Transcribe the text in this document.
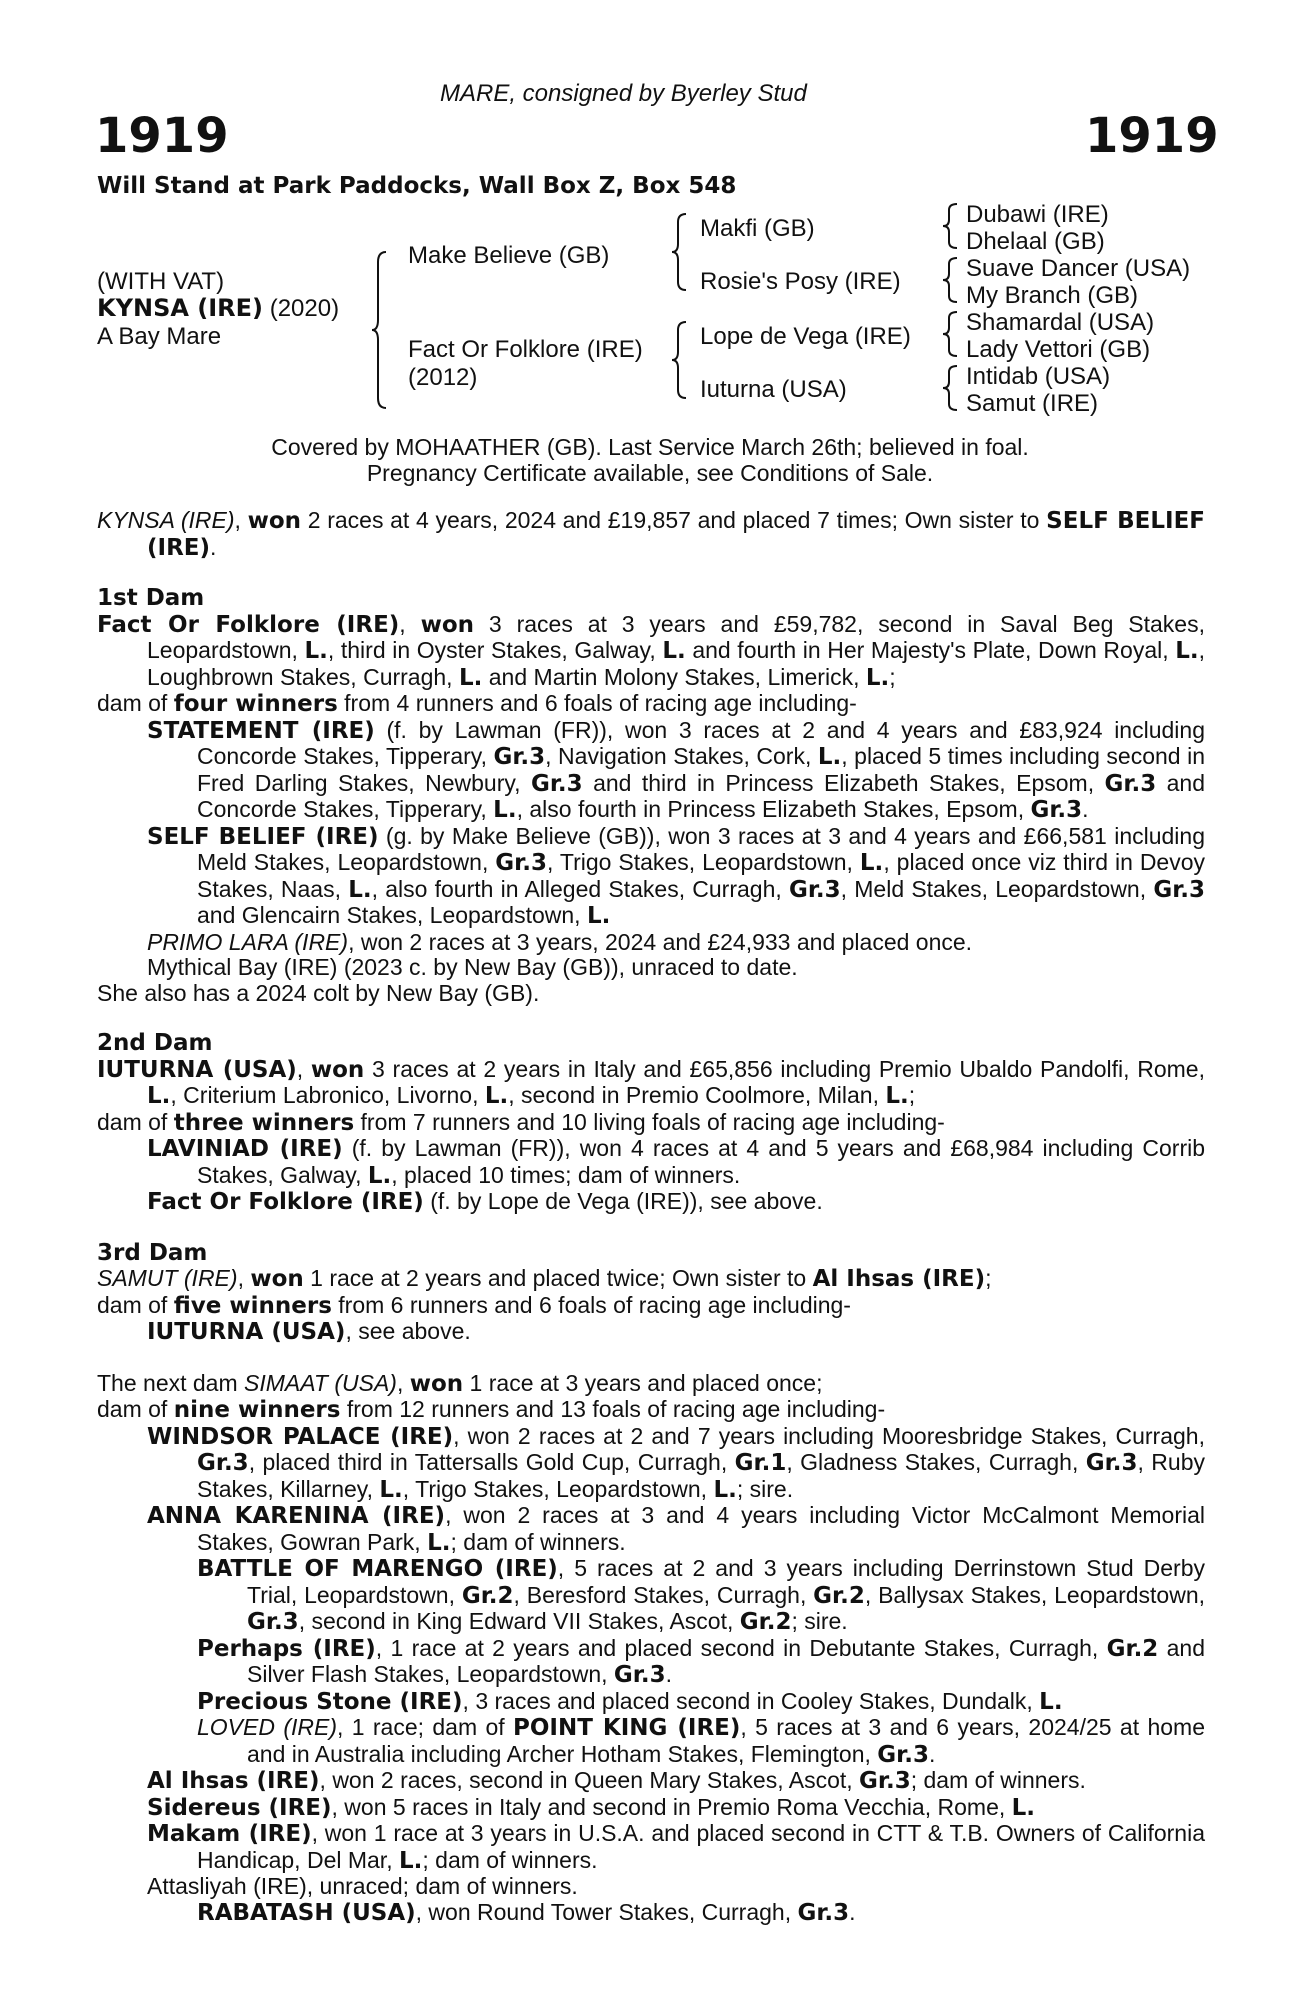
MARE, consigned by Byerley Stud
1919	1919
Will Stand at Park Paddocks, Wall Box Z, Box 548
(WITH VAT)
KYNSA (IRE) (2020)
A Bay Mare
Make Believe (GB)
Fact Or Folklore (IRE)
(2012)
Makfi (GB)
Rosie's Posy (IRE)
Lope de Vega (IRE)
Iuturna (USA)
Dubawi (IRE)
Dhelaal (GB)
Suave Dancer (USA)
My Branch (GB)
Shamardal (USA)
Lady Vettori (GB)
Intidab (USA)
Samut (IRE)
Covered by MOHAATHER (GB). Last Service March 26th; believed in foal.
Pregnancy Certificate available, see Conditions of Sale.

KYNSA (IRE), won 2 races at 4 years, 2024 and £19,857 and placed 7 times; Own sister to SELF BELIEF (IRE).

1st Dam

Fact Or Folklore (IRE), won 3 races at 3 years and £59,782, second in Saval Beg Stakes, Leopardstown, L., third in Oyster Stakes, Galway, L. and fourth in Her Majesty's Plate, Down Royal, L., Loughbrown Stakes, Curragh, L. and Martin Molony Stakes, Limerick, L.;

dam of four winners from 4 runners and 6 foals of racing age including-

STATEMENT (IRE) (f. by Lawman (FR)), won 3 races at 2 and 4 years and £83,924 including Concorde Stakes, Tipperary, Gr.3, Navigation Stakes, Cork, L., placed 5 times including second in Fred Darling Stakes, Newbury, Gr.3 and third in Princess Elizabeth Stakes, Epsom, Gr.3 and Concorde Stakes, Tipperary, L., also fourth in Princess Elizabeth Stakes, Epsom, Gr.3.

SELF BELIEF (IRE) (g. by Make Believe (GB)), won 3 races at 3 and 4 years and £66,581 including Meld Stakes, Leopardstown, Gr.3, Trigo Stakes, Leopardstown, L., placed once viz third in Devoy Stakes, Naas, L., also fourth in Alleged Stakes, Curragh, Gr.3, Meld Stakes, Leopardstown, Gr.3 and Glencairn Stakes, Leopardstown, L.

PRIMO LARA (IRE), won 2 races at 3 years, 2024 and £24,933 and placed once.

Mythical Bay (IRE) (2023 c. by New Bay (GB)), unraced to date.

She also has a 2024 colt by New Bay (GB).

2nd Dam

IUTURNA (USA), won 3 races at 2 years in Italy and £65,856 including Premio Ubaldo Pandolfi, Rome, L., Criterium Labronico, Livorno, L., second in Premio Coolmore, Milan, L.;

dam of three winners from 7 runners and 10 living foals of racing age including-

LAVINIAD (IRE) (f. by Lawman (FR)), won 4 races at 4 and 5 years and £68,984 including Corrib Stakes, Galway, L., placed 10 times; dam of winners.

Fact Or Folklore (IRE) (f. by Lope de Vega (IRE)), see above.

3rd Dam

SAMUT (IRE), won 1 race at 2 years and placed twice; Own sister to Al Ihsas (IRE);

dam of five winners from 6 runners and 6 foals of racing age including-

IUTURNA (USA), see above.

The next dam SIMAAT (USA), won 1 race at 3 years and placed once;

dam of nine winners from 12 runners and 13 foals of racing age including-

WINDSOR PALACE (IRE), won 2 races at 2 and 7 years including Mooresbridge Stakes, Curragh, Gr.3, placed third in Tattersalls Gold Cup, Curragh, Gr.1, Gladness Stakes, Curragh, Gr.3, Ruby Stakes, Killarney, L., Trigo Stakes, Leopardstown, L.; sire.

ANNA KARENINA (IRE), won 2 races at 3 and 4 years including Victor McCalmont Memorial Stakes, Gowran Park, L.; dam of winners.

BATTLE OF MARENGO (IRE), 5 races at 2 and 3 years including Derrinstown Stud Derby Trial, Leopardstown, Gr.2, Beresford Stakes, Curragh, Gr.2, Ballysax Stakes, Leopardstown, Gr.3, second in King Edward VII Stakes, Ascot, Gr.2; sire.

Perhaps (IRE), 1 race at 2 years and placed second in Debutante Stakes, Curragh, Gr.2 and Silver Flash Stakes, Leopardstown, Gr.3.

Precious Stone (IRE), 3 races and placed second in Cooley Stakes, Dundalk, L.

LOVED (IRE), 1 race; dam of POINT KING (IRE), 5 races at 3 and 6 years, 2024/25 at home and in Australia including Archer Hotham Stakes, Flemington, Gr.3.

Al Ihsas (IRE), won 2 races, second in Queen Mary Stakes, Ascot, Gr.3; dam of winners.

Sidereus (IRE), won 5 races in Italy and second in Premio Roma Vecchia, Rome, L.

Makam (IRE), won 1 race at 3 years in U.S.A. and placed second in CTT & T.B. Owners of California Handicap, Del Mar, L.; dam of winners.

Attasliyah (IRE), unraced; dam of winners.

RABATASH (USA), won Round Tower Stakes, Curragh, Gr.3.
